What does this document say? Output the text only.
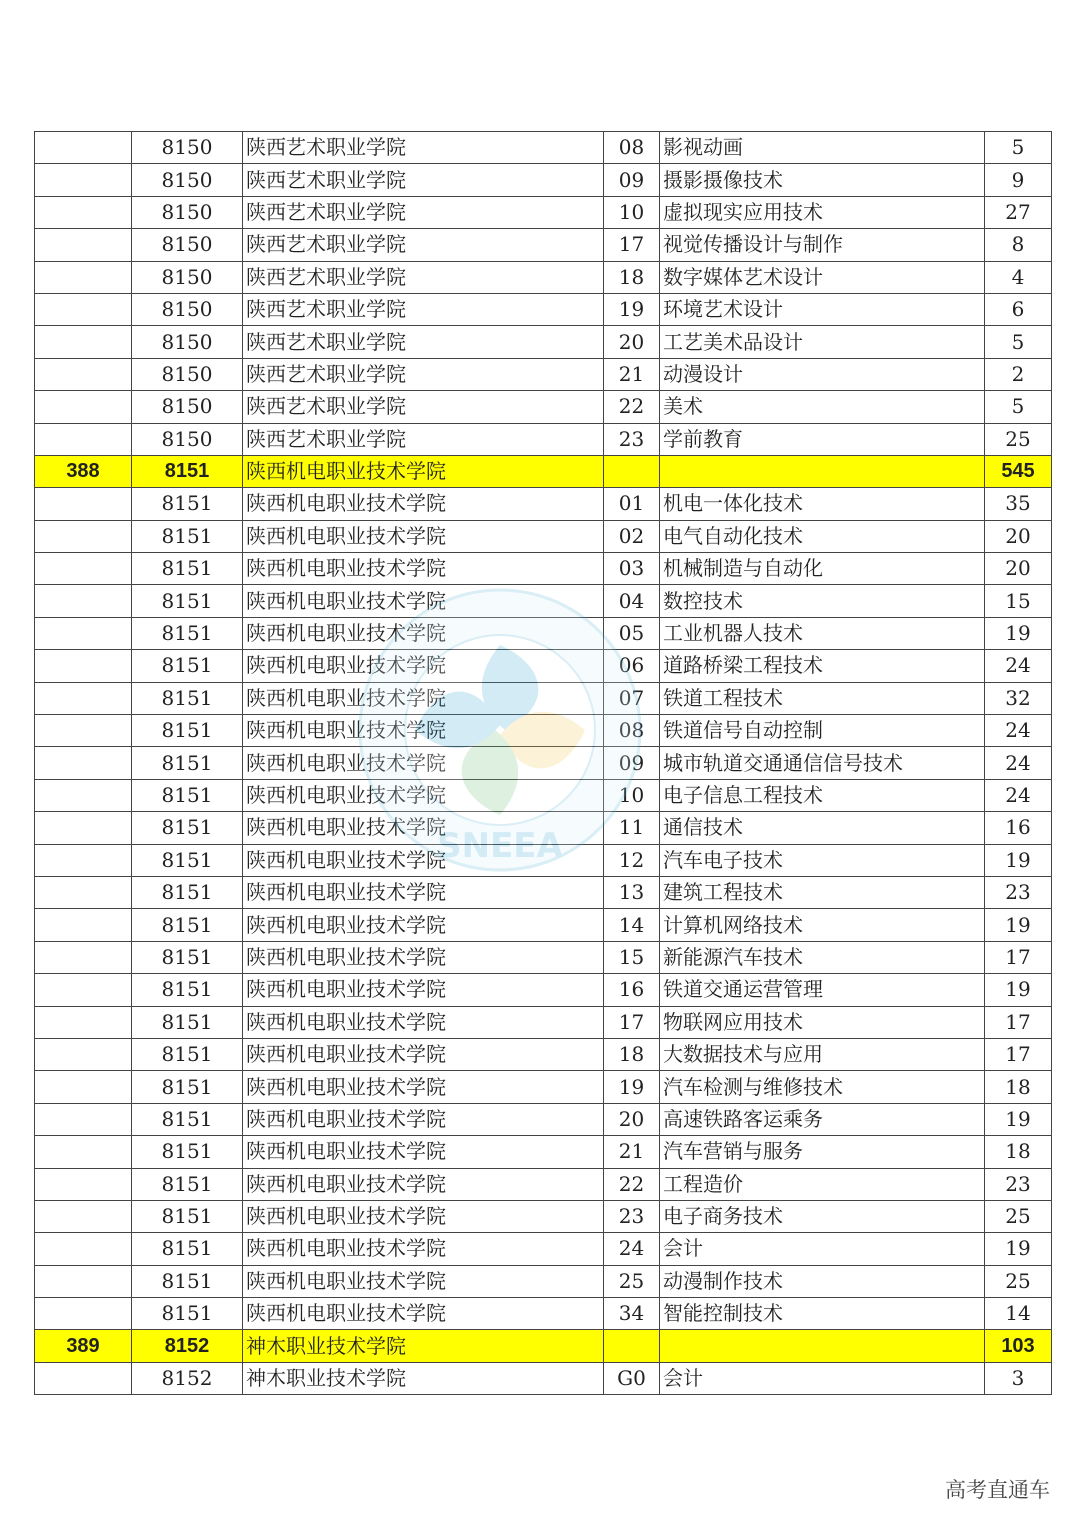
	8150	陕西艺术职业学院	08	影视动画	5
	8150	陕西艺术职业学院	09	摄影摄像技术	9
	8150	陕西艺术职业学院	10	虚拟现实应用技术	27
	8150	陕西艺术职业学院	17	视觉传播设计与制作	8
	8150	陕西艺术职业学院	18	数字媒体艺术设计	4
	8150	陕西艺术职业学院	19	环境艺术设计	6
	8150	陕西艺术职业学院	20	工艺美术品设计	5
	8150	陕西艺术职业学院	21	动漫设计	2
	8150	陕西艺术职业学院	22	美术	5
	8150	陕西艺术职业学院	23	学前教育	25
388	8151	陕西机电职业技术学院			545
	8151	陕西机电职业技术学院	01	机电一体化技术	35
	8151	陕西机电职业技术学院	02	电气自动化技术	20
	8151	陕西机电职业技术学院	03	机械制造与自动化	20
	8151	陕西机电职业技术学院	04	数控技术	15
	8151	陕西机电职业技术学院	05	工业机器人技术	19
	8151	陕西机电职业技术学院	06	道路桥梁工程技术	24
	8151	陕西机电职业技术学院	07	铁道工程技术	32
	8151	陕西机电职业技术学院	08	铁道信号自动控制	24
	8151	陕西机电职业技术学院	09	城市轨道交通通信信号技术	24
	8151	陕西机电职业技术学院	10	电子信息工程技术	24
	8151	陕西机电职业技术学院	11	通信技术	16
	8151	陕西机电职业技术学院	12	汽车电子技术	19
	8151	陕西机电职业技术学院	13	建筑工程技术	23
	8151	陕西机电职业技术学院	14	计算机网络技术	19
	8151	陕西机电职业技术学院	15	新能源汽车技术	17
	8151	陕西机电职业技术学院	16	铁道交通运营管理	19
	8151	陕西机电职业技术学院	17	物联网应用技术	17
	8151	陕西机电职业技术学院	18	大数据技术与应用	17
	8151	陕西机电职业技术学院	19	汽车检测与维修技术	18
	8151	陕西机电职业技术学院	20	高速铁路客运乘务	19
	8151	陕西机电职业技术学院	21	汽车营销与服务	18
	8151	陕西机电职业技术学院	22	工程造价	23
	8151	陕西机电职业技术学院	23	电子商务技术	25
	8151	陕西机电职业技术学院	24	会计	19
	8151	陕西机电职业技术学院	25	动漫制作技术	25
	8151	陕西机电职业技术学院	34	智能控制技术	14
389	8152	神木职业技术学院			103
	8152	神木职业技术学院	G0	会计	3
SNEEA
高考直通车
